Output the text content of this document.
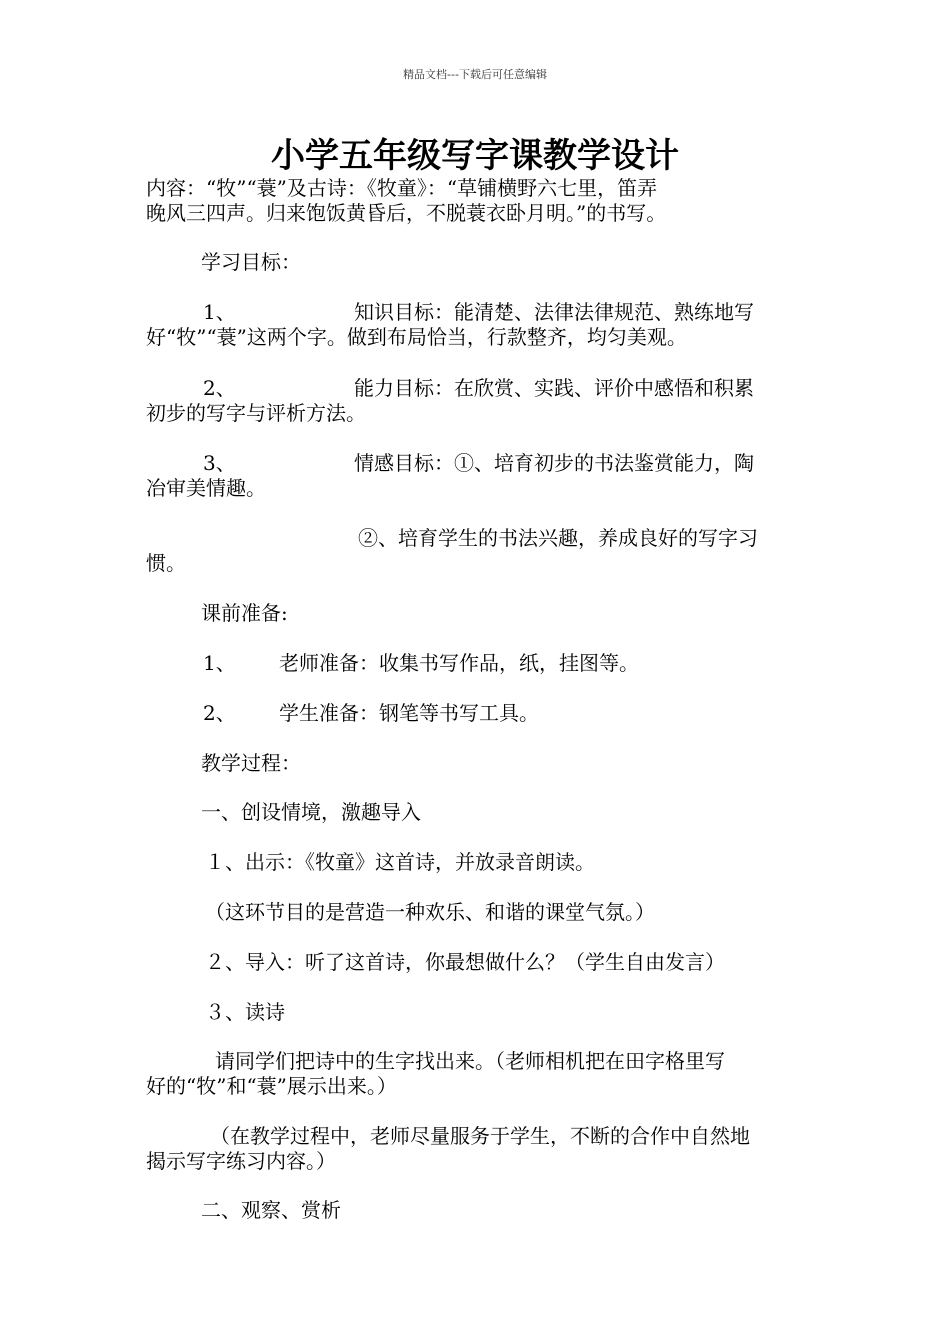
精品文档---下载后可任意编辑
小学五年级写字课教学设计
内容：“牧”“蓑”及古诗：《牧童》：“草铺横野六七里，笛弄
晚风三四声。归来饱饭黄昏后，不脱蓑衣卧月明。”的书写。
学习目标：
1、	知识目标：能清楚、法律法律规范、熟练地写
好“牧”“蓑”这两个字。做到布局恰当，行款整齐，均匀美观。
2、	能力目标：在欣赏、实践、评价中感悟和积累
初步的写字与评析方法。
3、	情感目标：①、培育初步的书法鉴赏能力，陶
冶审美情趣。
②、培育学生的书法兴趣，养成良好的写字习
惯。
课前准备:
1、 老师准备：收集书写作品，纸，挂图等。
2、 学生准备：钢笔等书写工具。
教学过程：
一、创设情境，激趣导入
１、出示：《牧童》这首诗，并放录音朗读。
（这环节目的是营造一种欢乐、和谐的课堂气氛。）
２、导入：听了这首诗，你最想做什么？（学生自由发言）
３、读诗
请同学们把诗中的生字找出来。（老师相机把在田字格里写
好的“牧”和“蓑”展示出来。）
（在教学过程中，老师尽量服务于学生，不断的合作中自然地
揭示写字练习内容。）
二、观察、赏析
